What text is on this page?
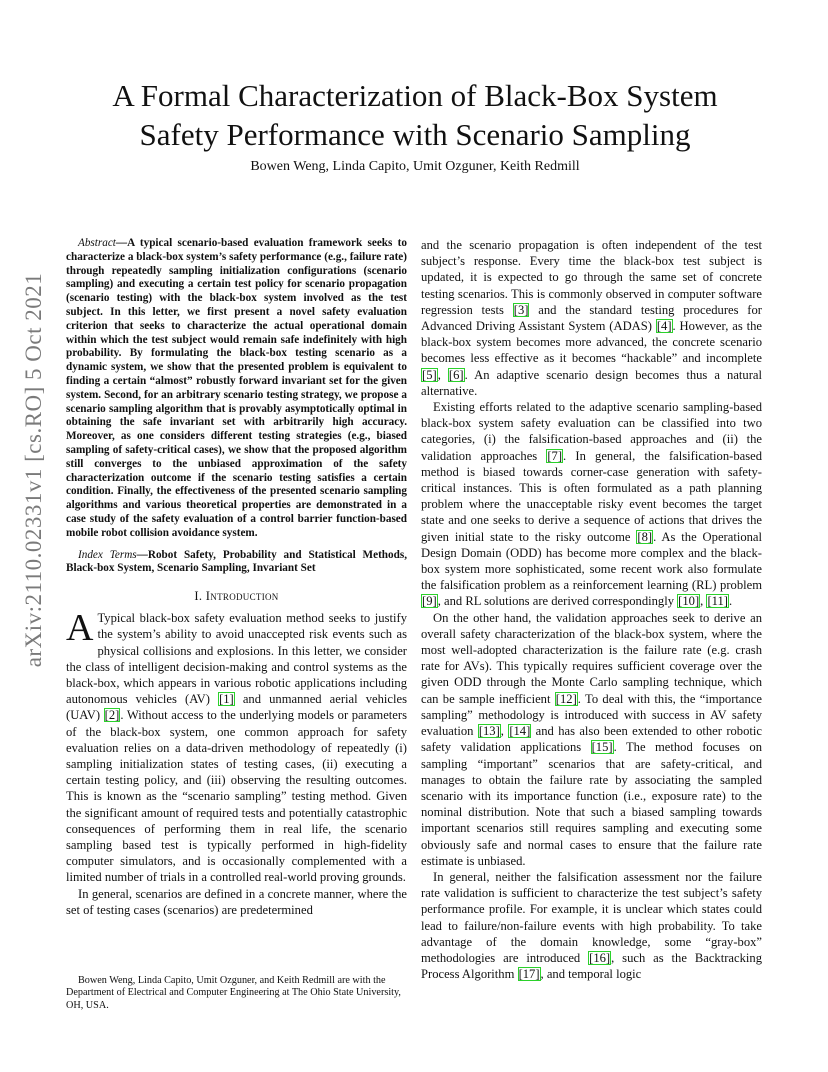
A Formal Characterization of Black-Box System
Safety Performance with Scenario Sampling
Bowen Weng, Linda Capito, Umit Ozguner, Keith Redmill
arXiv:2110.02331v1 [cs.RO] 5 Oct 2021

Abstract—A typical scenario-based evaluation framework seeks to characterize a black-box system’s safety performance (e.g., failure rate) through repeatedly sampling initialization configurations (scenario sampling) and executing a certain test policy for scenario propagation (scenario testing) with the black-box system involved as the test subject. In this letter, we first present a novel safety evaluation criterion that seeks to characterize the actual operational domain within which the test subject would remain safe indefinitely with high probability. By formulating the black-box testing scenario as a dynamic system, we show that the presented problem is equivalent to finding a certain “almost” robustly forward invariant set for the given system. Second, for an arbitrary scenario testing strategy, we propose a scenario sampling algorithm that is provably asymptotically optimal in obtaining the safe invariant set with arbitrarily high accuracy. Moreover, as one considers different testing strategies (e.g., biased sampling of safety-critical cases), we show that the proposed algorithm still converges to the unbiased approximation of the safety characterization outcome if the scenario testing satisfies a certain condition. Finally, the effectiveness of the presented scenario sampling algorithms and various theoretical properties are demonstrated in a case study of the safety evaluation of a control barrier function-based mobile robot collision avoidance system.

Index Terms—Robot Safety, Probability and Statistical Methods, Black-box System, Scenario Sampling, Invariant Set

I. Introduction

A Typical black-box safety evaluation method seeks to justify the system’s ability to avoid unaccepted risk events such as physical collisions and explosions. In this letter, we consider the class of intelligent decision-making and control systems as the black-box, which appears in various robotic applications including autonomous vehicles (AV) [1] and unmanned aerial vehicles (UAV) [2]. Without access to the underlying models or parameters of the black-box system, one common approach for safety evaluation relies on a data-driven methodology of repeatedly (i) sampling initialization states of testing cases, (ii) executing a certain testing policy, and (iii) observing the resulting outcomes. This is known as the “scenario sampling” testing method. Given the significant amount of required tests and potentially catastrophic consequences of performing them in real life, the scenario sampling based test is typically performed in high-fidelity computer simulators, and is occasionally complemented with a limited number of trials in a controlled real-world proving grounds.

In general, scenarios are defined in a concrete manner, where the set of testing cases (scenarios) are predetermined

Bowen Weng, Linda Capito, Umit Ozguner, and Keith Redmill are with the Department of Electrical and Computer Engineering at The Ohio State University, OH, USA.

and the scenario propagation is often independent of the test subject’s response. Every time the black-box test subject is updated, it is expected to go through the same set of concrete testing scenarios. This is commonly observed in computer software regression tests [3] and the standard testing procedures for Advanced Driving Assistant System (ADAS) [4]. However, as the black-box system becomes more advanced, the concrete scenario becomes less effective as it becomes “hackable” and incomplete [5], [6]. An adaptive scenario design becomes thus a natural alternative.

Existing efforts related to the adaptive scenario sampling-based black-box system safety evaluation can be classified into two categories, (i) the falsification-based approaches and (ii) the validation approaches [7]. In general, the falsification-based method is biased towards corner-case generation with safety-critical instances. This is often formulated as a path planning problem where the unacceptable risky event becomes the target state and one seeks to derive a sequence of actions that drives the given initial state to the risky outcome [8]. As the Operational Design Domain (ODD) has become more complex and the black-box system more sophisticated, some recent work also formulate the falsification problem as a reinforcement learning (RL) problem [9], and RL solutions are derived correspondingly [10], [11].

On the other hand, the validation approaches seek to derive an overall safety characterization of the black-box system, where the most well-adopted characterization is the failure rate (e.g. crash rate for AVs). This typically requires sufficient coverage over the given ODD through the Monte Carlo sampling technique, which can be sample inefficient [12]. To deal with this, the “importance sampling” methodology is introduced with success in AV safety evaluation [13], [14] and has also been extended to other robotic safety validation applications [15]. The method focuses on sampling “important” scenarios that are safety-critical, and manages to obtain the failure rate by associating the sampled scenario with its importance function (i.e., exposure rate) to the nominal distribution. Note that such a biased sampling towards important scenarios still requires sampling and executing some obviously safe and normal cases to ensure that the failure rate estimate is unbiased.

In general, neither the falsification assessment nor the failure rate validation is sufficient to characterize the test subject’s safety performance profile. For example, it is unclear which states could lead to failure/non-failure events with high probability. To take advantage of the domain knowledge, some “gray-box” methodologies are introduced [16], such as the Backtracking Process Algorithm [17], and temporal logic
